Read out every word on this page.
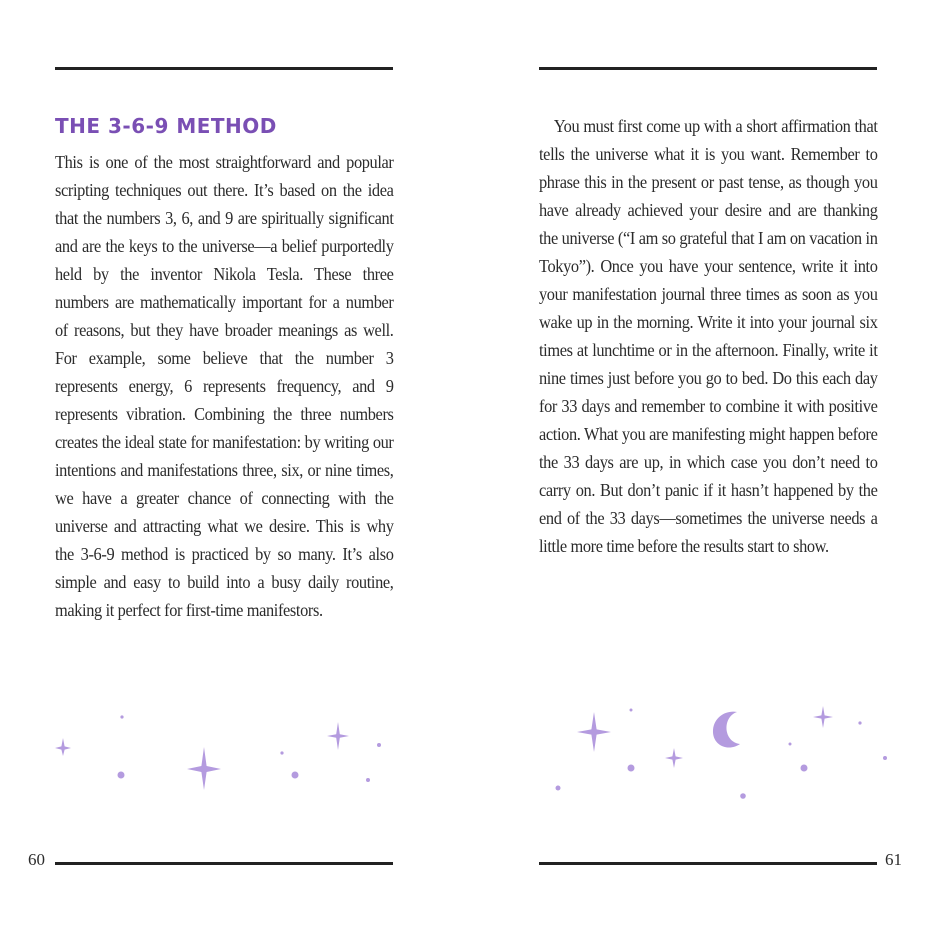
THE 3-6-9 METHOD

This is one of the most straightforward and popular scripting techniques out there. It’s based on the idea that the numbers 3, 6, and 9 are spiritually significant and are the keys to the universe—a belief purportedly held by the inventor Nikola Tesla. These three numbers are mathematically important for a number of reasons, but they have broader meanings as well. For example, some believe that the number 3 represents energy, 6 represents frequency, and 9 represents vibration. Combining the three numbers creates the ideal state for manifestation: by writing our intentions and manifestations three, six, or nine times, we have a greater chance of connecting with the universe and attracting what we desire. This is why the 3-6-9 method is practiced by so many. It’s also simple and easy to build into a busy daily routine, making it perfect for first-time manifestors.

60

You must first come up with a short affirmation that tells the universe what it is you want. Remember to phrase this in the present or past tense, as though you have already achieved your desire and are thanking the universe (“I am so grateful that I am on vacation in Tokyo”). Once you have your sentence, write it into your manifestation journal three times as soon as you wake up in the morning. Write it into your journal six times at lunchtime or in the afternoon. Finally, write it nine times just before you go to bed. Do this each day for 33 days and remember to combine it with positive action. What you are manifesting might happen before the 33 days are up, in which case you don’t need to carry on. But don’t panic if it hasn’t happened by the end of the 33 days—sometimes the universe needs a little more time before the results start to show.

61
